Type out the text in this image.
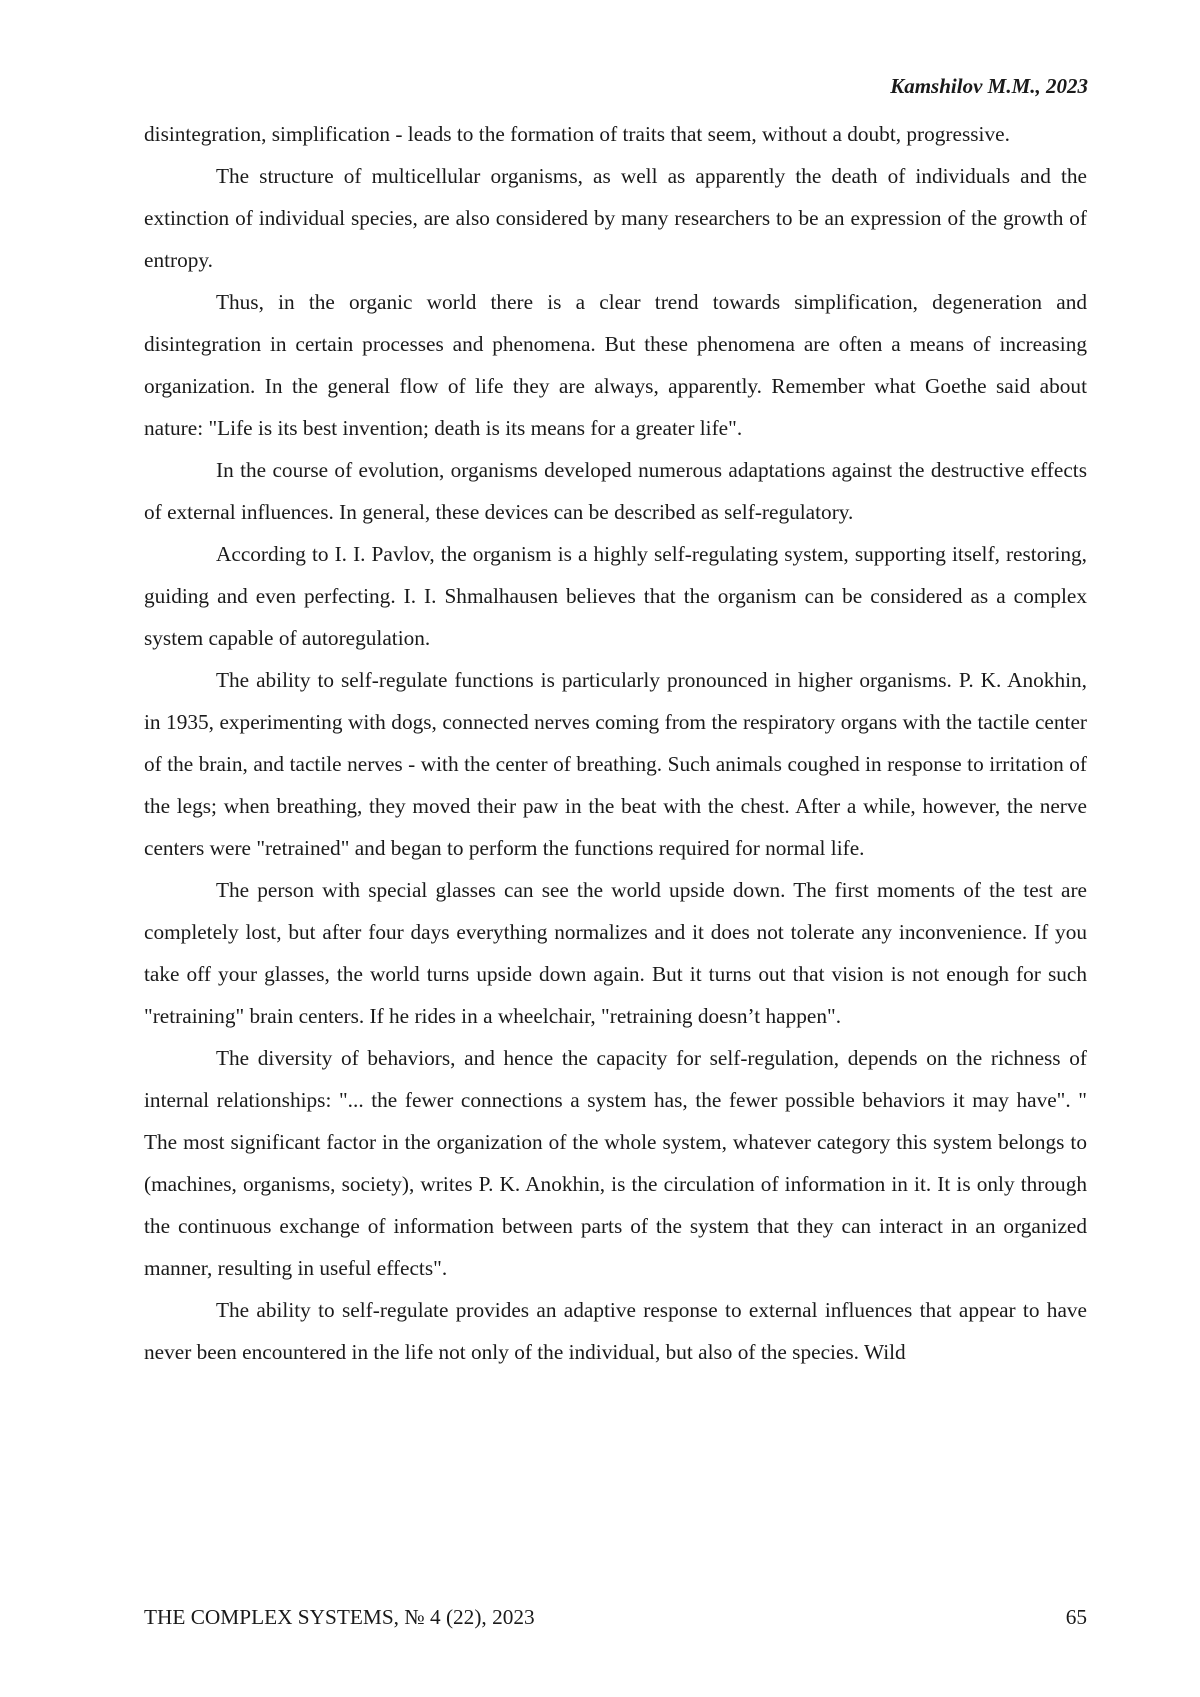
Kamshilov M.M., 2023

disintegration, simplification - leads to the formation of traits that seem, without a doubt, progressive.

The structure of multicellular organisms, as well as apparently the death of individuals and the extinction of individual species, are also considered by many researchers to be an expression of the growth of entropy.

Thus, in the organic world there is a clear trend towards simplification, degeneration and disintegration in certain processes and phenomena. But these phenomena are often a means of increasing organization. In the general flow of life they are always, apparently. Remember what Goethe said about nature: "Life is its best invention; death is its means for a greater life".

In the course of evolution, organisms developed numerous adaptations against the destructive effects of external influences. In general, these devices can be described as self-regulatory.

According to I. I. Pavlov, the organism is a highly self-regulating system, supporting itself, restoring, guiding and even perfecting. I. I. Shmalhausen believes that the organism can be considered as a complex system capable of autoregulation.

The ability to self-regulate functions is particularly pronounced in higher organisms. P. K. Anokhin, in 1935, experimenting with dogs, connected nerves coming from the respiratory organs with the tactile center of the brain, and tactile nerves - with the center of breathing. Such animals coughed in response to irritation of the legs; when breathing, they moved their paw in the beat with the chest. After a while, however, the nerve centers were "retrained" and began to perform the functions required for normal life.

The person with special glasses can see the world upside down. The first moments of the test are completely lost, but after four days everything normalizes and it does not tolerate any inconvenience. If you take off your glasses, the world turns upside down again. But it turns out that vision is not enough for such "retraining" brain centers. If he rides in a wheelchair, "retraining doesn’t happen".

The diversity of behaviors, and hence the capacity for self-regulation, depends on the richness of internal relationships: "... the fewer connections a system has, the fewer possible behaviors it may have". " The most significant factor in the organization of the whole system, whatever category this system belongs to (machines, organisms, society), writes P. K. Anokhin, is the circulation of information in it. It is only through the continuous exchange of information between parts of the system that they can interact in an organized manner, resulting in useful effects".

The ability to self-regulate provides an adaptive response to external influences that appear to have never been encountered in the life not only of the individual, but also of the species. Wild

THE COMPLEX SYSTEMS, № 4 (22), 2023	65
